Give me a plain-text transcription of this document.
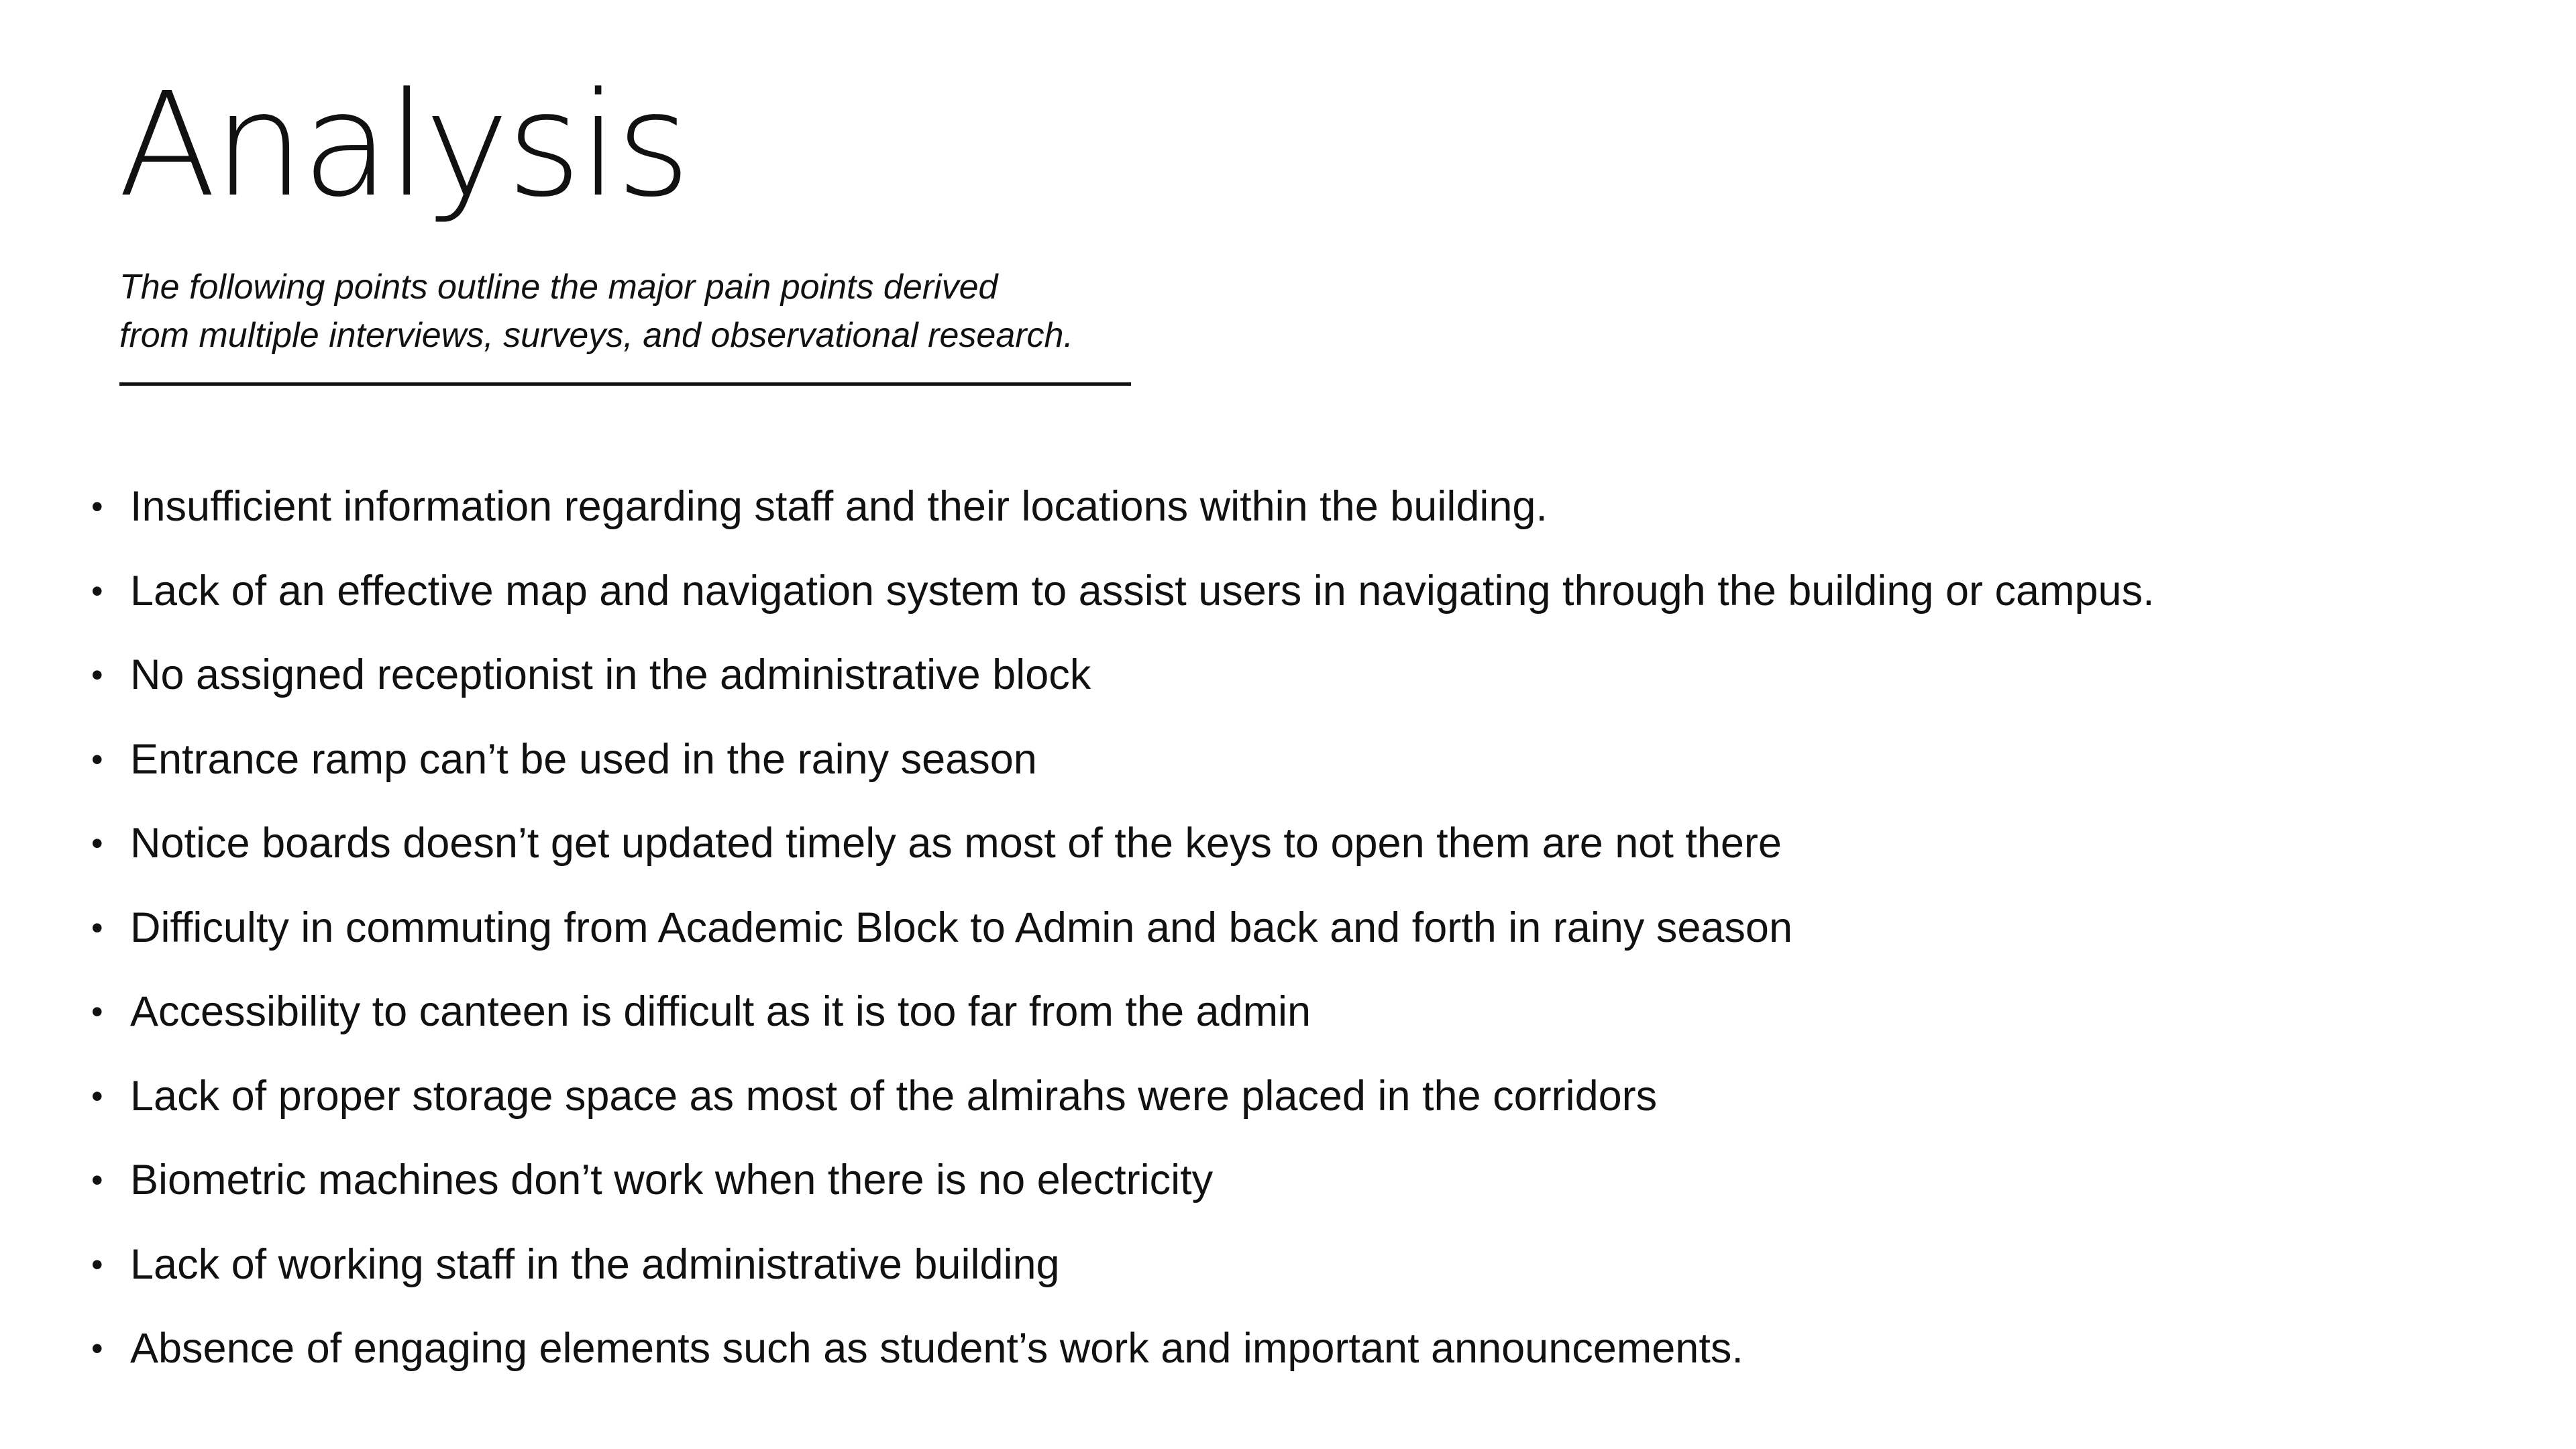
Analysis

The following points outline the major pain points derived
from multiple interviews, surveys, and observational research.

• Insufficient information regarding staff and their locations within the building.
• Lack of an effective map and navigation system to assist users in navigating through the building or campus.
• No assigned receptionist in the administrative block
• Entrance ramp can’t be used in the rainy season
• Notice boards doesn’t get updated timely as most of the keys to open them are not there
• Difficulty in commuting from Academic Block to Admin and back and forth in rainy season
• Accessibility to canteen is difficult as it is too far from the admin
• Lack of proper storage space as most of the almirahs were placed in the corridors
• Biometric machines don’t work when there is no electricity
• Lack of working staff in the administrative building
• Absence of engaging elements such as student’s work and important announcements.
